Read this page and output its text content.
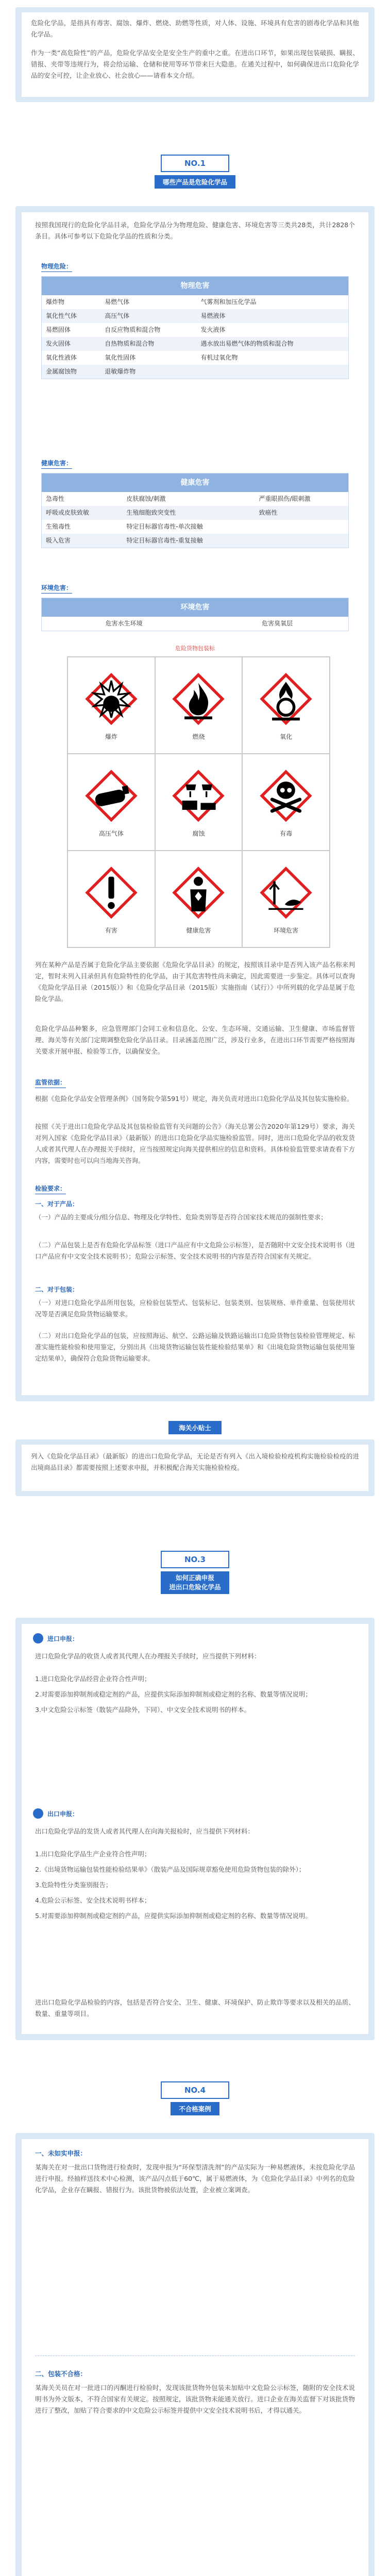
危险化学品，是指具有毒害、腐蚀、爆炸、燃烧、助燃等性质，对人体、设施、环境具有危害的剧毒化学品和其他化学品。

作为一类“高危险性”的产品，危险化学品安全是安全生产的重中之重。在进出口环节，如果出现包装破损、瞒报、错报、夹带等违规行为，将会给运输、仓储和使用等环节带来巨大隐患。在通关过程中，如何确保进出口危险化学品的安全可控，让企业放心、社会放心——请看本文介绍。

NO.1
哪些产品是危险化学品

按照我国现行的危险化学品目录，危险化学品分为物理危险、健康危害、环境危害等三类共28类，共计2828个条目。具体可参考以下危险化学品的性质和分类。

物理危险：
物理危害
爆炸物	易燃气体	气雾剂和加压化学品
氧化性气体	高压气体	易燃液体
易燃固体	自反应物质和混合物	发火液体
发火固体	自热物质和混合物	遇水放出易燃气体的物质和混合物
氧化性液体	氧化性固体	有机过氧化物
金属腐蚀物	退敏爆炸物	
健康危害：
健康危害
急毒性	皮肤腐蚀/刺激	严重眼损伤/眼刺激
呼吸或皮肤致敏	生殖细胞致突变性	致癌性
生殖毒性	特定目标器官毒性-单次接触	
吸入危害	特定目标器官毒性-重复接触	
环境危害：
环境危害
危害水生环境	危害臭氧层
危险货物包装标
爆炸	燃烧	氧化
高压气体	腐蚀	有毒
有害	健康危害	环境危害

列在某种产品是否属于危险化学品主要依据《危险化学品目录》的规定，按照该目录中是否列入该产品名称来判定，暂时未列入目录但具有危险特性的化学品，由于其危害特性尚未确定，因此需要进一步鉴定。具体可以查询《危险化学品目录（2015版）》和《危险化学品目录（2015版）实施指南（试行）》中所列载的化学品是属于危险化学品。

危险化学品品种繁多，应急管理部门会同工业和信息化、公安、生态环境、交通运输、卫生健康、市场监督管理、海关等有关部门定期调整危险化学品目录。目录涵盖范围广泛，涉及行业多，在进出口环节需要严格按照海关要求开展申报、检验等工作，以确保安全。

监管依据：

根据《危险化学品安全管理条例》（国务院令第591号）规定，海关负责对进出口危险化学品及其包装实施检验。

按照《关于进出口危险化学品及其包装检验监管有关问题的公告》（海关总署公告2020年第129号）要求，海关对列入国家《危险化学品目录》（最新版）的进出口危险化学品实施检验监管。同时，进出口危险化学品的收发货人或者其代理人在办理报关手续时，应当按照规定向海关提供相应的信息和资料。具体检验监管要求请查看下方内容，需要时也可以向当地海关咨询。

检验要求：
一、对于产品：

（一）产品的主要成分/组分信息、物理及化学特性、危险类别等是否符合国家技术规范的强制性要求；

（二）产品包装上是否有危险化学品标签（进口产品应有中文危险公示标签），是否随附中文安全技术说明书（进口产品应有中文安全技术说明书）；危险公示标签、安全技术说明书的内容是否符合国家有关规定。

二、对于包装：

（一）对进口危险化学品所用包装，应检验包装型式、包装标记、包装类别、包装规格、单件重量、包装使用状况等是否满足危险货物运输要求。

（二）对出口危险化学品的包装，应按照海运、航空、公路运输及铁路运输出口危险货物包装检验管理规定、标准实施性能检验和使用鉴定，分别出具《出境货物运输包装性能检验结果单》和《出境危险货物运输包装使用鉴定结果单》，确保符合危险货物运输要求。

海关小贴士

列入《危险化学品目录》（最新版）的进出口危险化学品，无论是否有列入《出入境检验检疫机构实施检验检疫的进出境商品目录》都需要按照上述要求申报，并积极配合海关实施检验检疫。

NO.3
如何正确申报
进出口危险化学品
进口申报：

进口危险化学品的收货人或者其代理人在办理报关手续时，应当提供下列材料：

1.进口危险化学品经营企业符合性声明；

2.对需要添加抑制剂或稳定剂的产品，应提供实际添加抑制剂或稳定剂的名称、数量等情况说明；

3.中文危险公示标签（散装产品除外，下同）、中文安全技术说明书的样本。

出口申报：

出口危险化学品的发货人或者其代理人在向海关报检时，应当提供下列材料：

1.出口危险化学品生产企业符合性声明；

2.《出境货物运输包装性能检验结果单》（散装产品及国际规章豁免使用危险货物包装的除外）；

3.危险特性分类鉴别报告；

4.危险公示标签、安全技术说明书样本；

5.对需要添加抑制剂或稳定剂的产品，应提供实际添加抑制剂或稳定剂的名称、数量等情况说明。

进出口危险化学品检验的内容，包括是否符合安全、卫生、健康、环境保护、防止欺诈等要求以及相关的品质、数量、重量等项目。

NO.4
不合格案例
一、未如实申报：

某海关在对一批出口货物进行检查时，发现申报为“环保型清洗剂”的产品实际为一种易燃液体，未按危险化学品进行申报。经抽样送技术中心检测，该产品闪点低于60℃，属于易燃液体，为《危险化学品目录》中列名的危险化学品，企业存在瞒报、错报行为。该批货物被依法处置，企业被立案调查。

二、包装不合格：

某海关关员在对一批进口的丙酮进行检验时，发现该批货物外包装未加贴中文危险公示标签，随附的安全技术说明书为外文版本，不符合国家有关规定。按照规定，该批货物未能通关放行。进口企业在海关监督下对该批货物进行了整改，加贴了符合要求的中文危险公示标签并提供中文安全技术说明书后，才得以通关。
